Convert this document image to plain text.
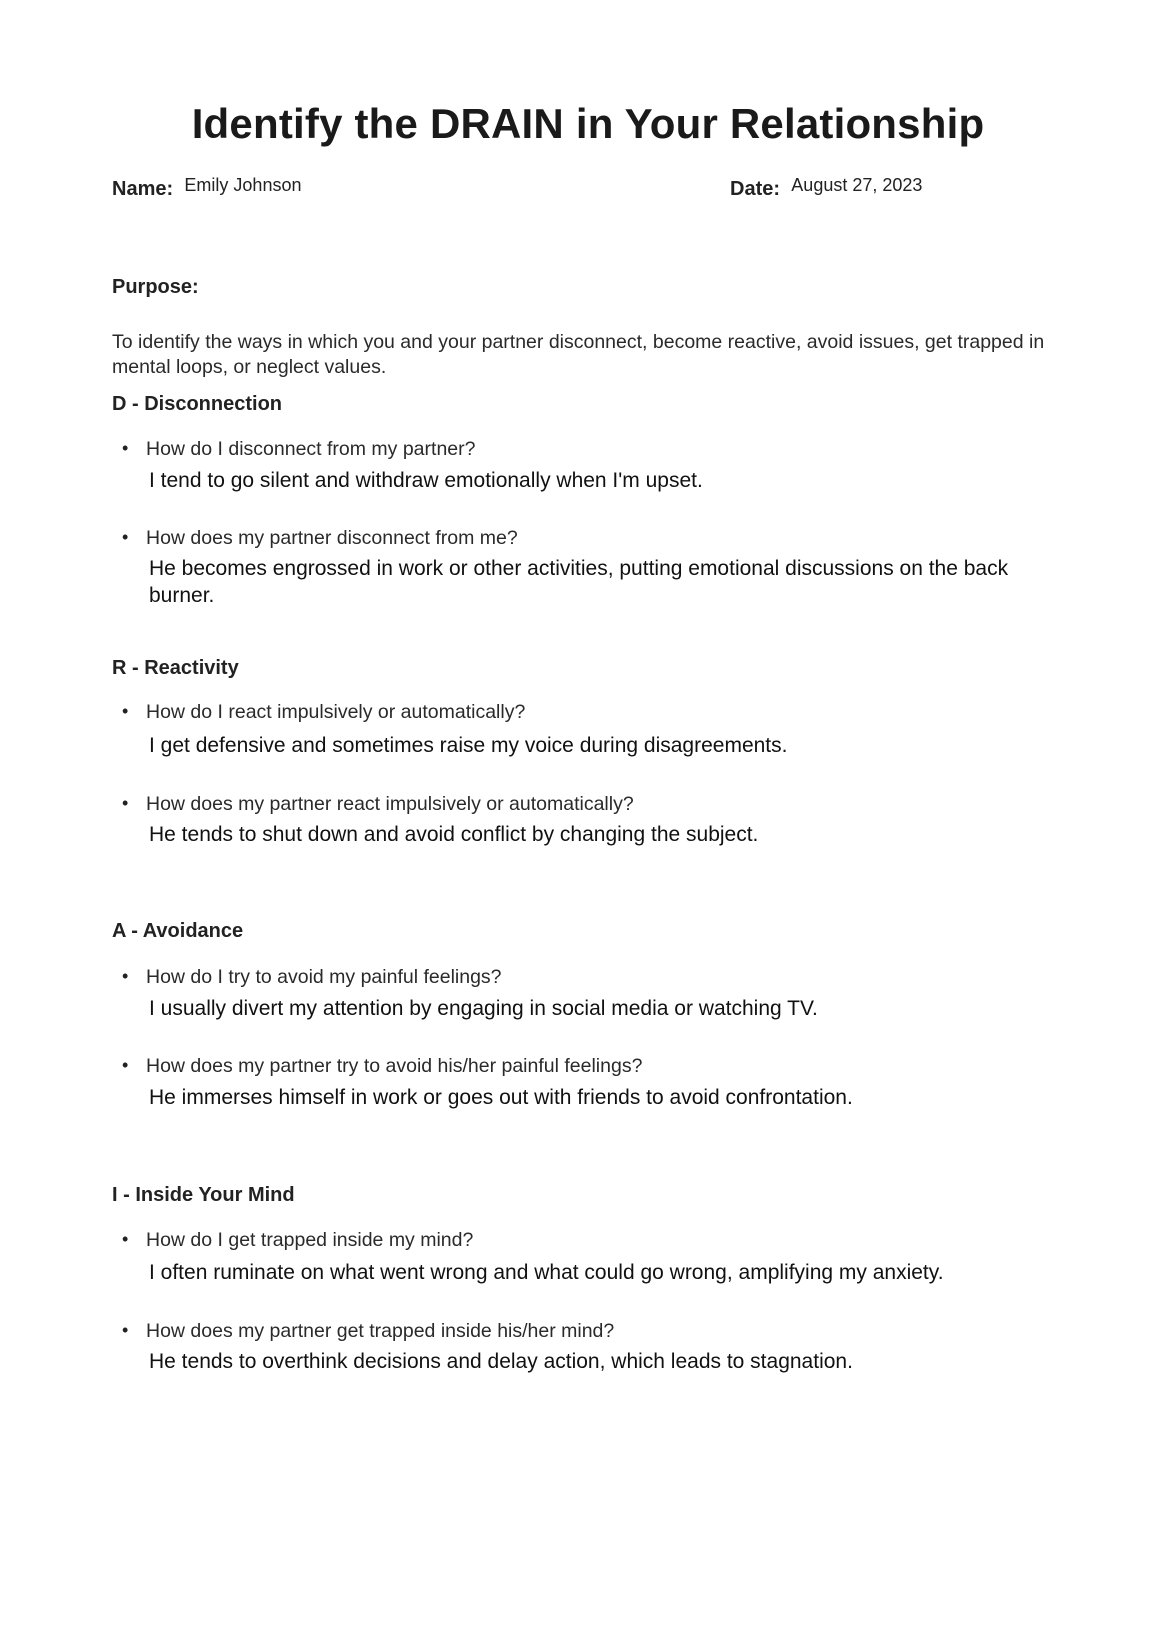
Identify the DRAIN in Your Relationship
Name: Emily Johnson	Date: August 27, 2023
Purpose:
To identify the ways in which you and your partner disconnect, become reactive, avoid issues, get trapped in mental loops, or neglect values.
D - Disconnection
• How do I disconnect from my partner?
I tend to go silent and withdraw emotionally when I'm upset.
• How does my partner disconnect from me?
He becomes engrossed in work or other activities, putting emotional discussions on the back burner.
R - Reactivity
• How do I react impulsively or automatically?
I get defensive and sometimes raise my voice during disagreements.
• How does my partner react impulsively or automatically?
He tends to shut down and avoid conflict by changing the subject.
A - Avoidance
• How do I try to avoid my painful feelings?
I usually divert my attention by engaging in social media or watching TV.
• How does my partner try to avoid his/her painful feelings?
He immerses himself in work or goes out with friends to avoid confrontation.
I - Inside Your Mind
• How do I get trapped inside my mind?
I often ruminate on what went wrong and what could go wrong, amplifying my anxiety.
• How does my partner get trapped inside his/her mind?
He tends to overthink decisions and delay action, which leads to stagnation.
